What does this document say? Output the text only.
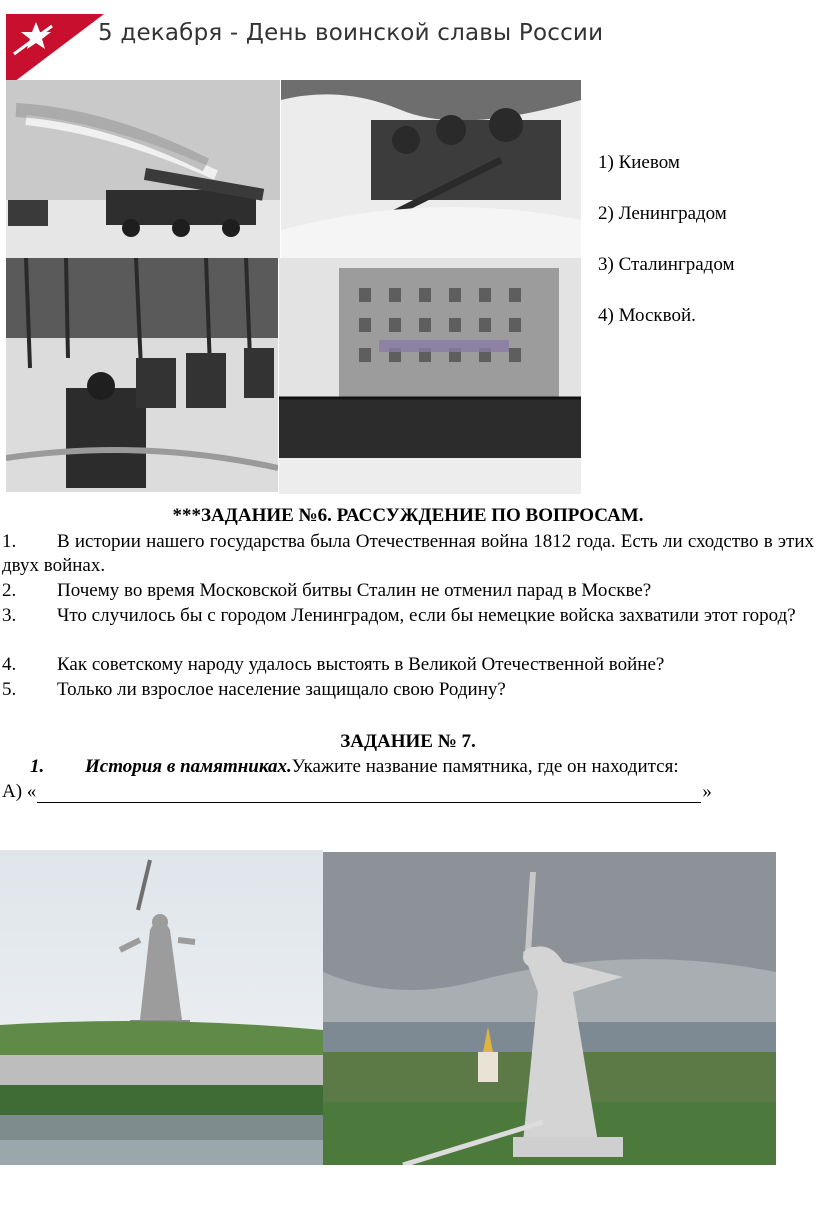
5 декабря - День воинской славы России
1) Киевом
2) Ленинградом
3) Сталинградом
4) Москвой.
***ЗАДАНИЕ №6. РАССУЖДЕНИЕ ПО ВОПРОСАМ.
1.	В истории нашего государства была Отечественная война 1812 года. Есть ли сходство в этих двух войнах.
2.	Почему во время Московской битвы Сталин не отменил парад в Москве?
3.	Что случилось бы с городом Ленинградом, если бы немецкие войска захватили этот город?
4.	Как советскому народу удалось выстоять в Великой Отечественной войне?
5.	Только ли взрослое население защищало свою Родину?
ЗАДАНИЕ № 7.
1. История в памятниках.Укажите название памятника, где он находится:
А) «	»
